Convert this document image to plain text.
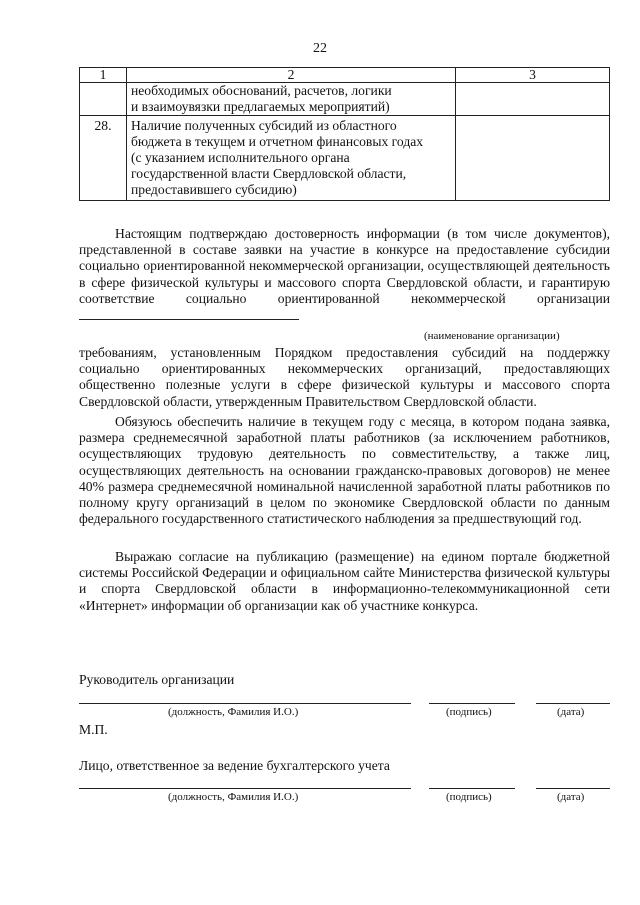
22
1	2	3

	необходимых обоснований, расчетов, логики
и взаимоувязки предлагаемых мероприятий)	

28.	Наличие полученных субсидий из областного
бюджета в текущем и отчетном финансовых годах
(с указанием исполнительного органа
государственной власти Свердловской области,
предоставившего субсидию)	

Настоящим подтверждаю достоверность информации (в том числе документов), представленной в составе заявки на участие в конкурсе на предоставление субсидии социально ориентированной некоммерческой организации, осуществляющей деятельность в сфере физической культуры и массового спорта Свердловской области, и гарантирую соответствие социально ориентированной некоммерческой организации

(наименование организации)

требованиям, установленным Порядком предоставления субсидий на поддержку социально ориентированных некоммерческих организаций, предоставляющих общественно полезные услуги в сфере физической культуры и массового спорта Свердловской области, утвержденным Правительством Свердловской области.

Обязуюсь обеспечить наличие в текущем году с месяца, в котором подана заявка, размера среднемесячной заработной платы работников (за исключением работников, осуществляющих трудовую деятельность по совместительству, а также лиц, осуществляющих деятельность на основании гражданско-правовых договоров) не менее 40% размера среднемесячной номинальной начисленной заработной платы работников по полному кругу организаций в целом по экономике Свердловской области по данным федерального государственного статистического наблюдения за предшествующий год.

Выражаю согласие на публикацию (размещение) на едином портале бюджетной системы Российской Федерации и официальном сайте Министерства физической культуры и спорта Свердловской области в информационно-телекоммуникационной сети «Интернет» информации об организации как об участнике конкурса.

Руководитель организации
(должность, Фамилия И.О.)	(подпись)	(дата)
М.П.
Лицо, ответственное за ведение бухгалтерского учета
(должность, Фамилия И.О.)	(подпись)	(дата)
